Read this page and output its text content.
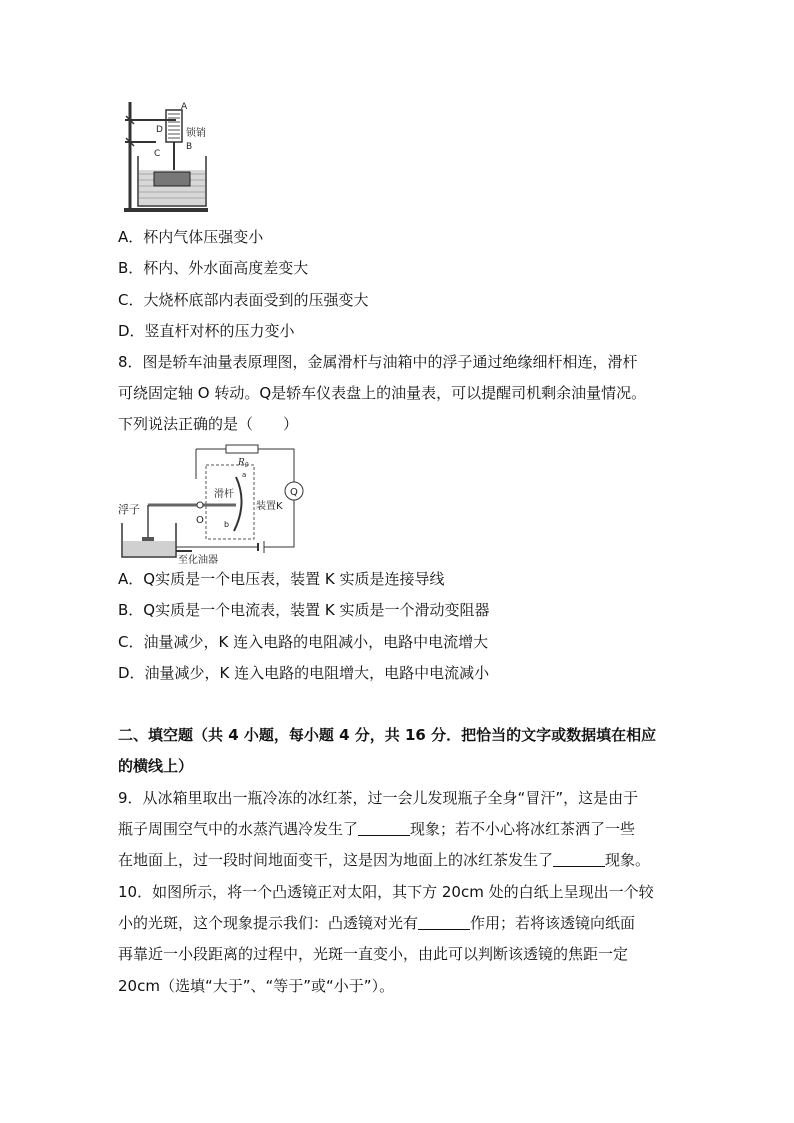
A
D 锁销
B
C
A．杯内气体压强变小
B．杯内、外水面高度差变大
C．大烧杯底部内表面受到的压强变大
D．竖直杆对杯的压力变小
8．图是轿车油量表原理图，金属滑杆与油箱中的浮子通过绝缘细杆相连，滑杆
可绕固定轴 O 转动。Q是轿车仪表盘上的油量表，可以提醒司机剩余油量情况。
下列说法正确的是（　　）
$R_0$
Q
滑杆
装置K
a
b
O
浮子
至化油器
A．Q实质是一个电压表，装置 K 实质是连接导线
B．Q实质是一个电流表，装置 K 实质是一个滑动变阻器
C．油量减少，K 连入电路的电阻减小，电路中电流增大
D．油量减少，K 连入电路的电阻增大，电路中电流减小
二、填空题（共 4 小题，每小题 4 分，共 16 分．把恰当的文字或数据填在相应
的横线上）
9．从冰箱里取出一瓶冷冻的冰红茶，过一会儿发现瓶子全身“冒汗”，这是由于
瓶子周围空气中的水蒸汽遇冷发生了	现象；若不小心将冰红茶洒了一些
在地面上，过一段时间地面变干，这是因为地面上的冰红茶发生了	现象。
10．如图所示，将一个凸透镜正对太阳，其下方 20cm 处的白纸上呈现出一个较
小的光斑，这个现象提示我们：凸透镜对光有	作用；若将该透镜向纸面
再靠近一小段距离的过程中，光斑一直变小，由此可以判断该透镜的焦距一定
20cm（选填“大于”、“等于”或“小于”）。
